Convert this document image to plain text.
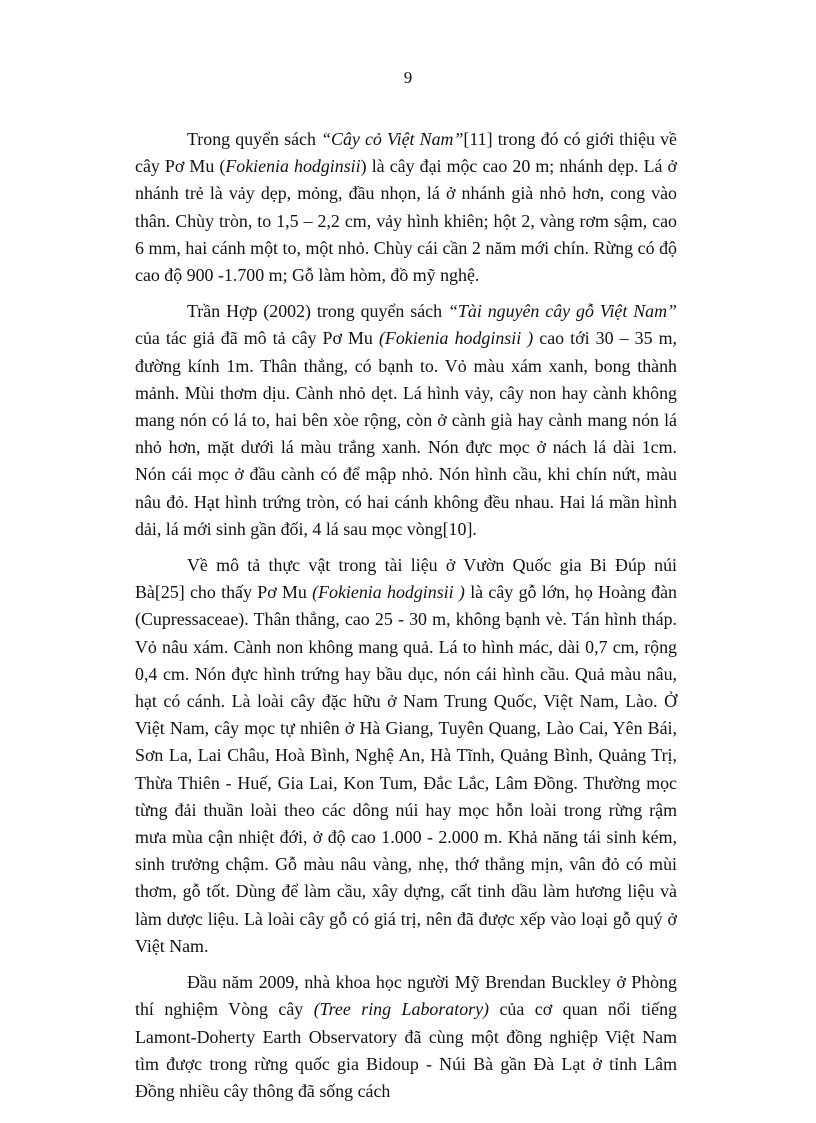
9

Trong quyển sách “Cây cỏ Việt Nam”[11] trong đó có giới thiệu về cây Pơ Mu (Fokienia hodginsii) là cây đại mộc cao 20 m; nhánh dẹp. Lá ở nhánh trẻ là vảy dẹp, mỏng, đầu nhọn, lá ở nhánh già nhỏ hơn, cong vào thân. Chùy tròn, to 1,5 – 2,2 cm, vảy hình khiên; hột 2, vàng rơm sậm, cao 6 mm, hai cánh một to, một nhỏ. Chùy cái cần 2 năm mới chín. Rừng có độ cao độ 900 -1.700 m; Gỗ làm hòm, đồ mỹ nghệ.

Trần Hợp (2002) trong quyển sách “Tài nguyên cây gỗ Việt Nam” của tác giả đã mô tả cây Pơ Mu (Fokienia hodginsii ) cao tới 30 – 35 m, đường kính 1m. Thân thẳng, có bạnh to. Vỏ màu xám xanh, bong thành mảnh. Mùi thơm dịu. Cành nhỏ dẹt. Lá hình vảy, cây non hay cành không mang nón có lá to, hai bên xòe rộng, còn ở cành già hay cành mang nón lá nhỏ hơn, mặt dưới lá màu trắng xanh. Nón đực mọc ở nách lá dài 1cm. Nón cái mọc ở đầu cành có để mập nhỏ. Nón hình cầu, khi chín nứt, màu nâu đỏ. Hạt hình trứng tròn, có hai cánh không đều nhau. Hai lá mần hình dải, lá mới sinh gần đối, 4 lá sau mọc vòng[10].

Về mô tả thực vật trong tài liệu ở Vườn Quốc gia Bi Đúp núi Bà[25] cho thấy Pơ Mu (Fokienia hodginsii ) là cây gỗ lớn, họ Hoàng đàn (Cupressaceae). Thân thẳng, cao 25 - 30 m, không bạnh vè. Tán hình tháp. Vỏ nâu xám. Cành non không mang quả. Lá to hình mác, dài 0,7 cm, rộng 0,4 cm. Nón đực hình trứng hay bầu dục, nón cái hình cầu. Quả màu nâu, hạt có cánh. Là loài cây đặc hữu ở Nam Trung Quốc, Việt Nam, Lào. Ở Việt Nam, cây mọc tự nhiên ở Hà Giang, Tuyên Quang, Lào Cai, Yên Bái, Sơn La, Lai Châu, Hoà Bình, Nghệ An, Hà Tĩnh, Quảng Bình, Quảng Trị, Thừa Thiên - Huế, Gia Lai, Kon Tum, Đắc Lắc, Lâm Đồng. Thường mọc từng đải thuần loài theo các dông núi hay mọc hỗn loài trong rừng rậm mưa mùa cận nhiệt đới, ở độ cao 1.000 - 2.000 m. Khả năng tái sinh kém, sinh trưởng chậm. Gỗ màu nâu vàng, nhẹ, thớ thẳng mịn, vân đỏ có mùi thơm, gỗ tốt. Dùng để làm cầu, xây dựng, cất tinh dầu làm hương liệu và làm dược liệu. Là loài cây gỗ có giá trị, nên đã được xếp vào loại gỗ quý ở Việt Nam.

Đầu năm 2009, nhà khoa học người Mỹ Brendan Buckley ở Phòng thí nghiệm Vòng cây (Tree ring Laboratory) của cơ quan nổi tiếng Lamont-Doherty Earth Observatory đã cùng một đồng nghiệp Việt Nam tìm được trong rừng quốc gia Bidoup - Núi Bà gần Đà Lạt ở tỉnh Lâm Đồng nhiều cây thông đã sống cách
